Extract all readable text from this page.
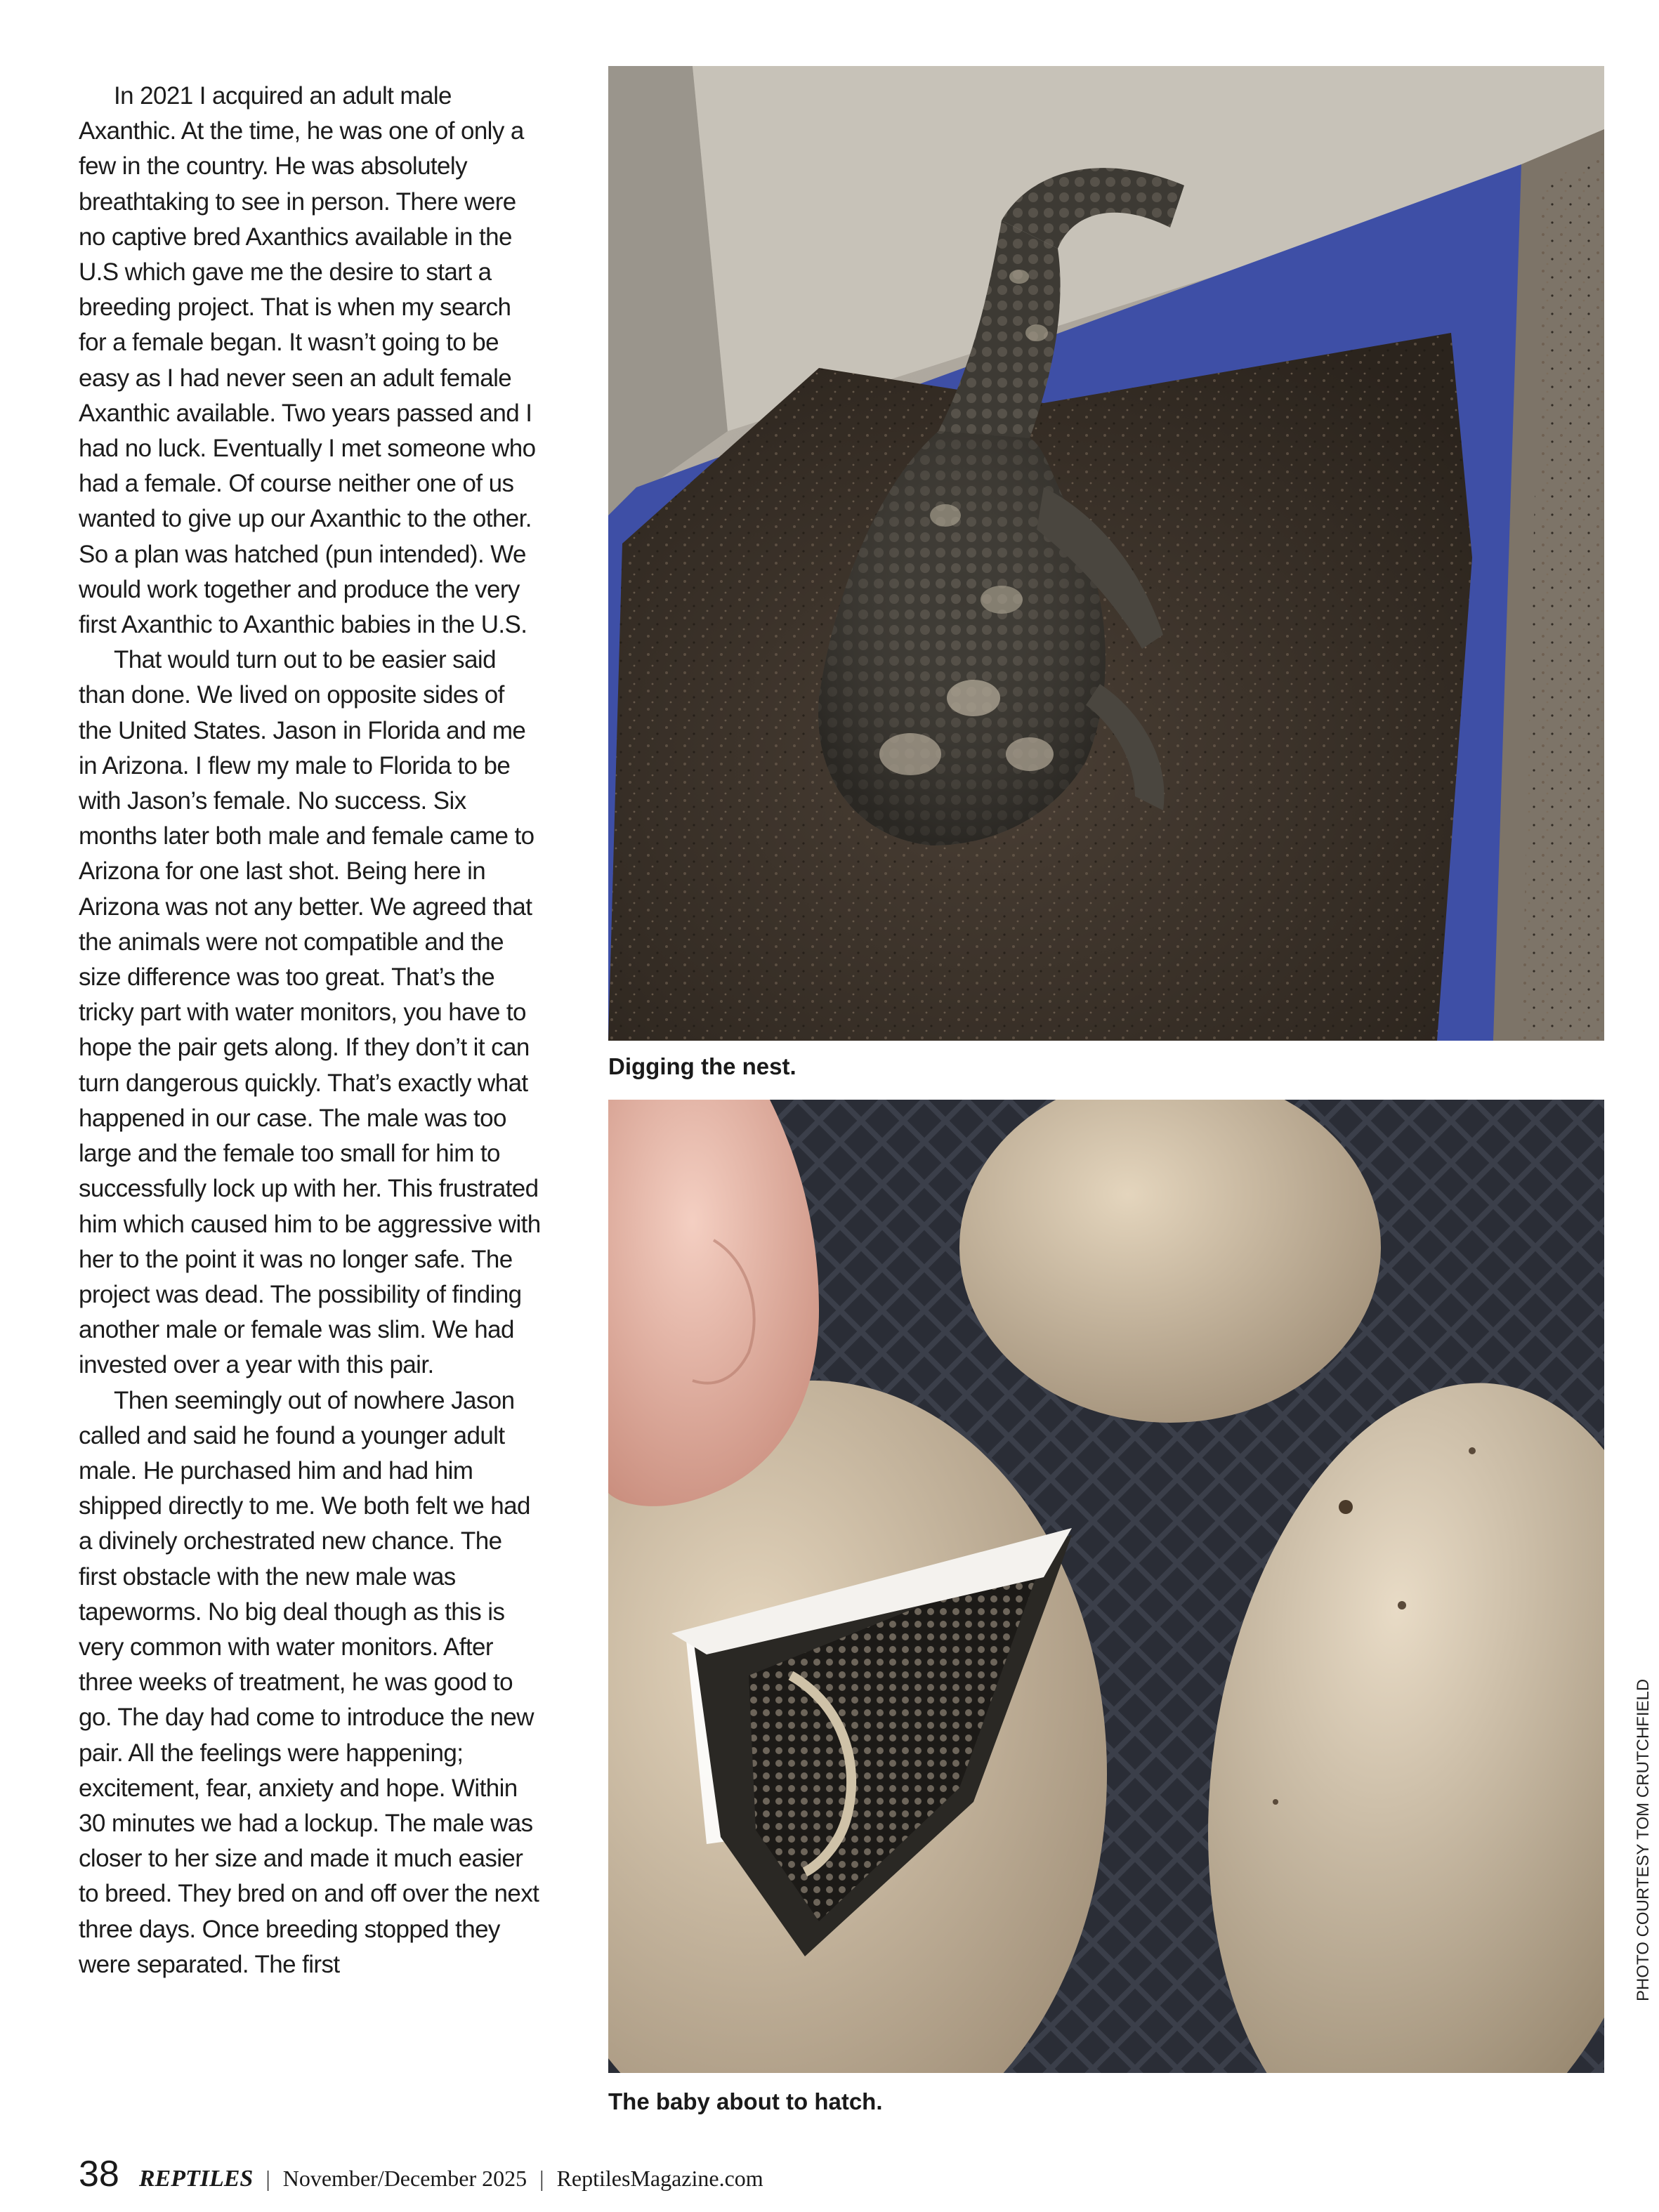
In 2021 I acquired an adult male Axanthic. At the time, he was one of only a few in the country. He was absolutely breathtaking to see in person. There were no captive bred Axanthics available in the U.S which gave me the desire to start a breeding project. That is when my search for a female began. It wasn’t going to be easy as I had never seen an adult female Axanthic available. Two years passed and I had no luck. Eventually I met someone who had a female. Of course neither one of us wanted to give up our Axanthic to the other. So a plan was hatched (pun intended). We would work together and produce the very first Axanthic to Axanthic babies in the U.S.

That would turn out to be easier said than done. We lived on opposite sides of the United States. Jason in Florida and me in Arizona. I flew my male to Florida to be with Jason’s female. No success. Six months later both male and female came to Arizona for one last shot. Being here in Arizona was not any better. We agreed that the animals were not compatible and the size difference was too great. That’s the tricky part with water monitors, you have to hope the pair gets along. If they don’t it can turn dangerous quickly. That’s exactly what happened in our case. The male was too large and the female too small for him to successfully lock up with her. This frustrated him which caused him to be aggressive with her to the point it was no longer safe. The project was dead. The possibility of finding another male or female was slim. We had invested over a year with this pair.

Then seemingly out of nowhere Jason called and said he found a younger adult male. He purchased him and had him shipped directly to me. We both felt we had a divinely orchestrated new chance. The first obstacle with the new male was tapeworms. No big deal though as this is very common with water monitors. After three weeks of treatment, he was good to go. The day had come to introduce the new pair. All the feelings were happening; excitement, fear, anxiety and hope. Within 30 minutes we had a lockup. The male was closer to her size and made it much easier to breed. They bred on and off over the next three days. Once breeding stopped they were separated. The first

Digging the nest.
The baby about to hatch.
PHOTO COURTESY TOM CRUTCHFIELD
38 REPTILES | November/December 2025 | ReptilesMagazine.com
